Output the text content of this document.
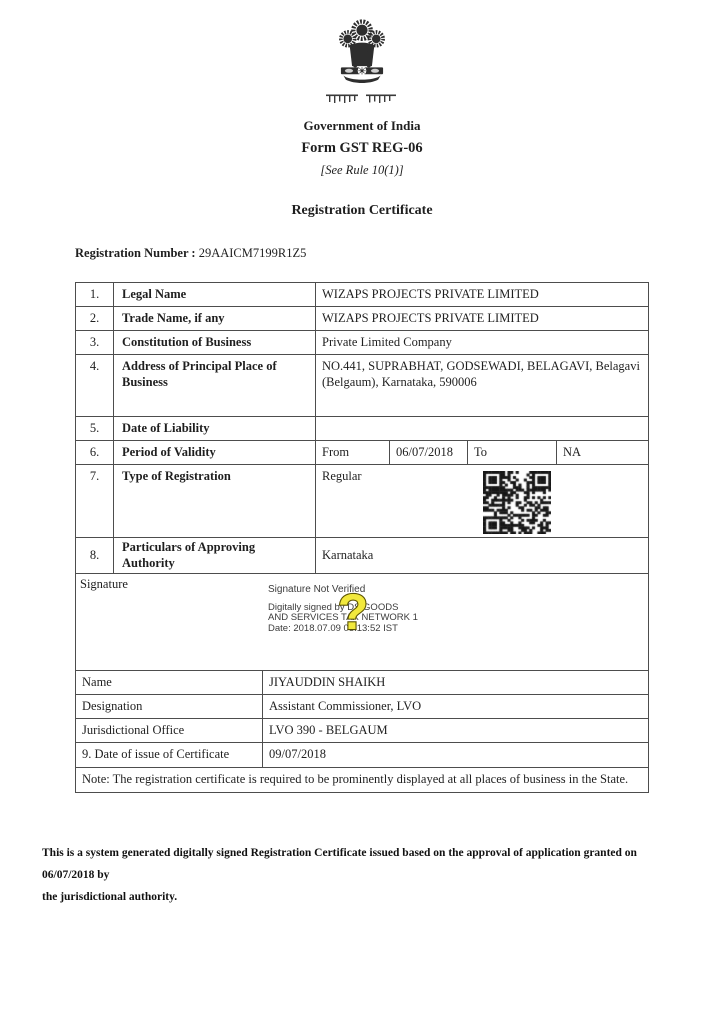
Government of India
Form GST REG-06
[See Rule 10(1)]
Registration Certificate
Registration Number : 29AAICM7199R1Z5
1.	Legal Name	WIZAPS PROJECTS PRIVATE LIMITED			
2.	Trade Name, if any	WIZAPS PROJECTS PRIVATE LIMITED			
3.	Constitution of Business	Private Limited Company			
4.	Address of Principal Place of Business	NO.441, SUPRABHAT, GODSEWADI, BELAGAVI, Belagavi (Belgaum), Karnataka, 590006			
5.	Date of Liability				
6.	Period of Validity	From	06/07/2018	To	NA
7.	Type of Registration	Regular			

8.	Particulars of Approving Authority	Karnataka			
Signature	Signature Not Verified
Digitally signed by DS GOODS
AND SERVICES TAX NETWORK 1
Date: 2018.07.09 05:13:52 IST
?
Name	JIYAUDDIN SHAIKH
Designation	Assistant Commissioner, LVO
Jurisdictional Office	LVO 390 - BELGAUM
9. Date of issue of Certificate	09/07/2018
Note: The registration certificate is required to be prominently displayed at all places of business in the State.	
This is a system generated digitally signed Registration Certificate issued based on the approval of application granted on 06/07/2018 by
the jurisdictional authority.
